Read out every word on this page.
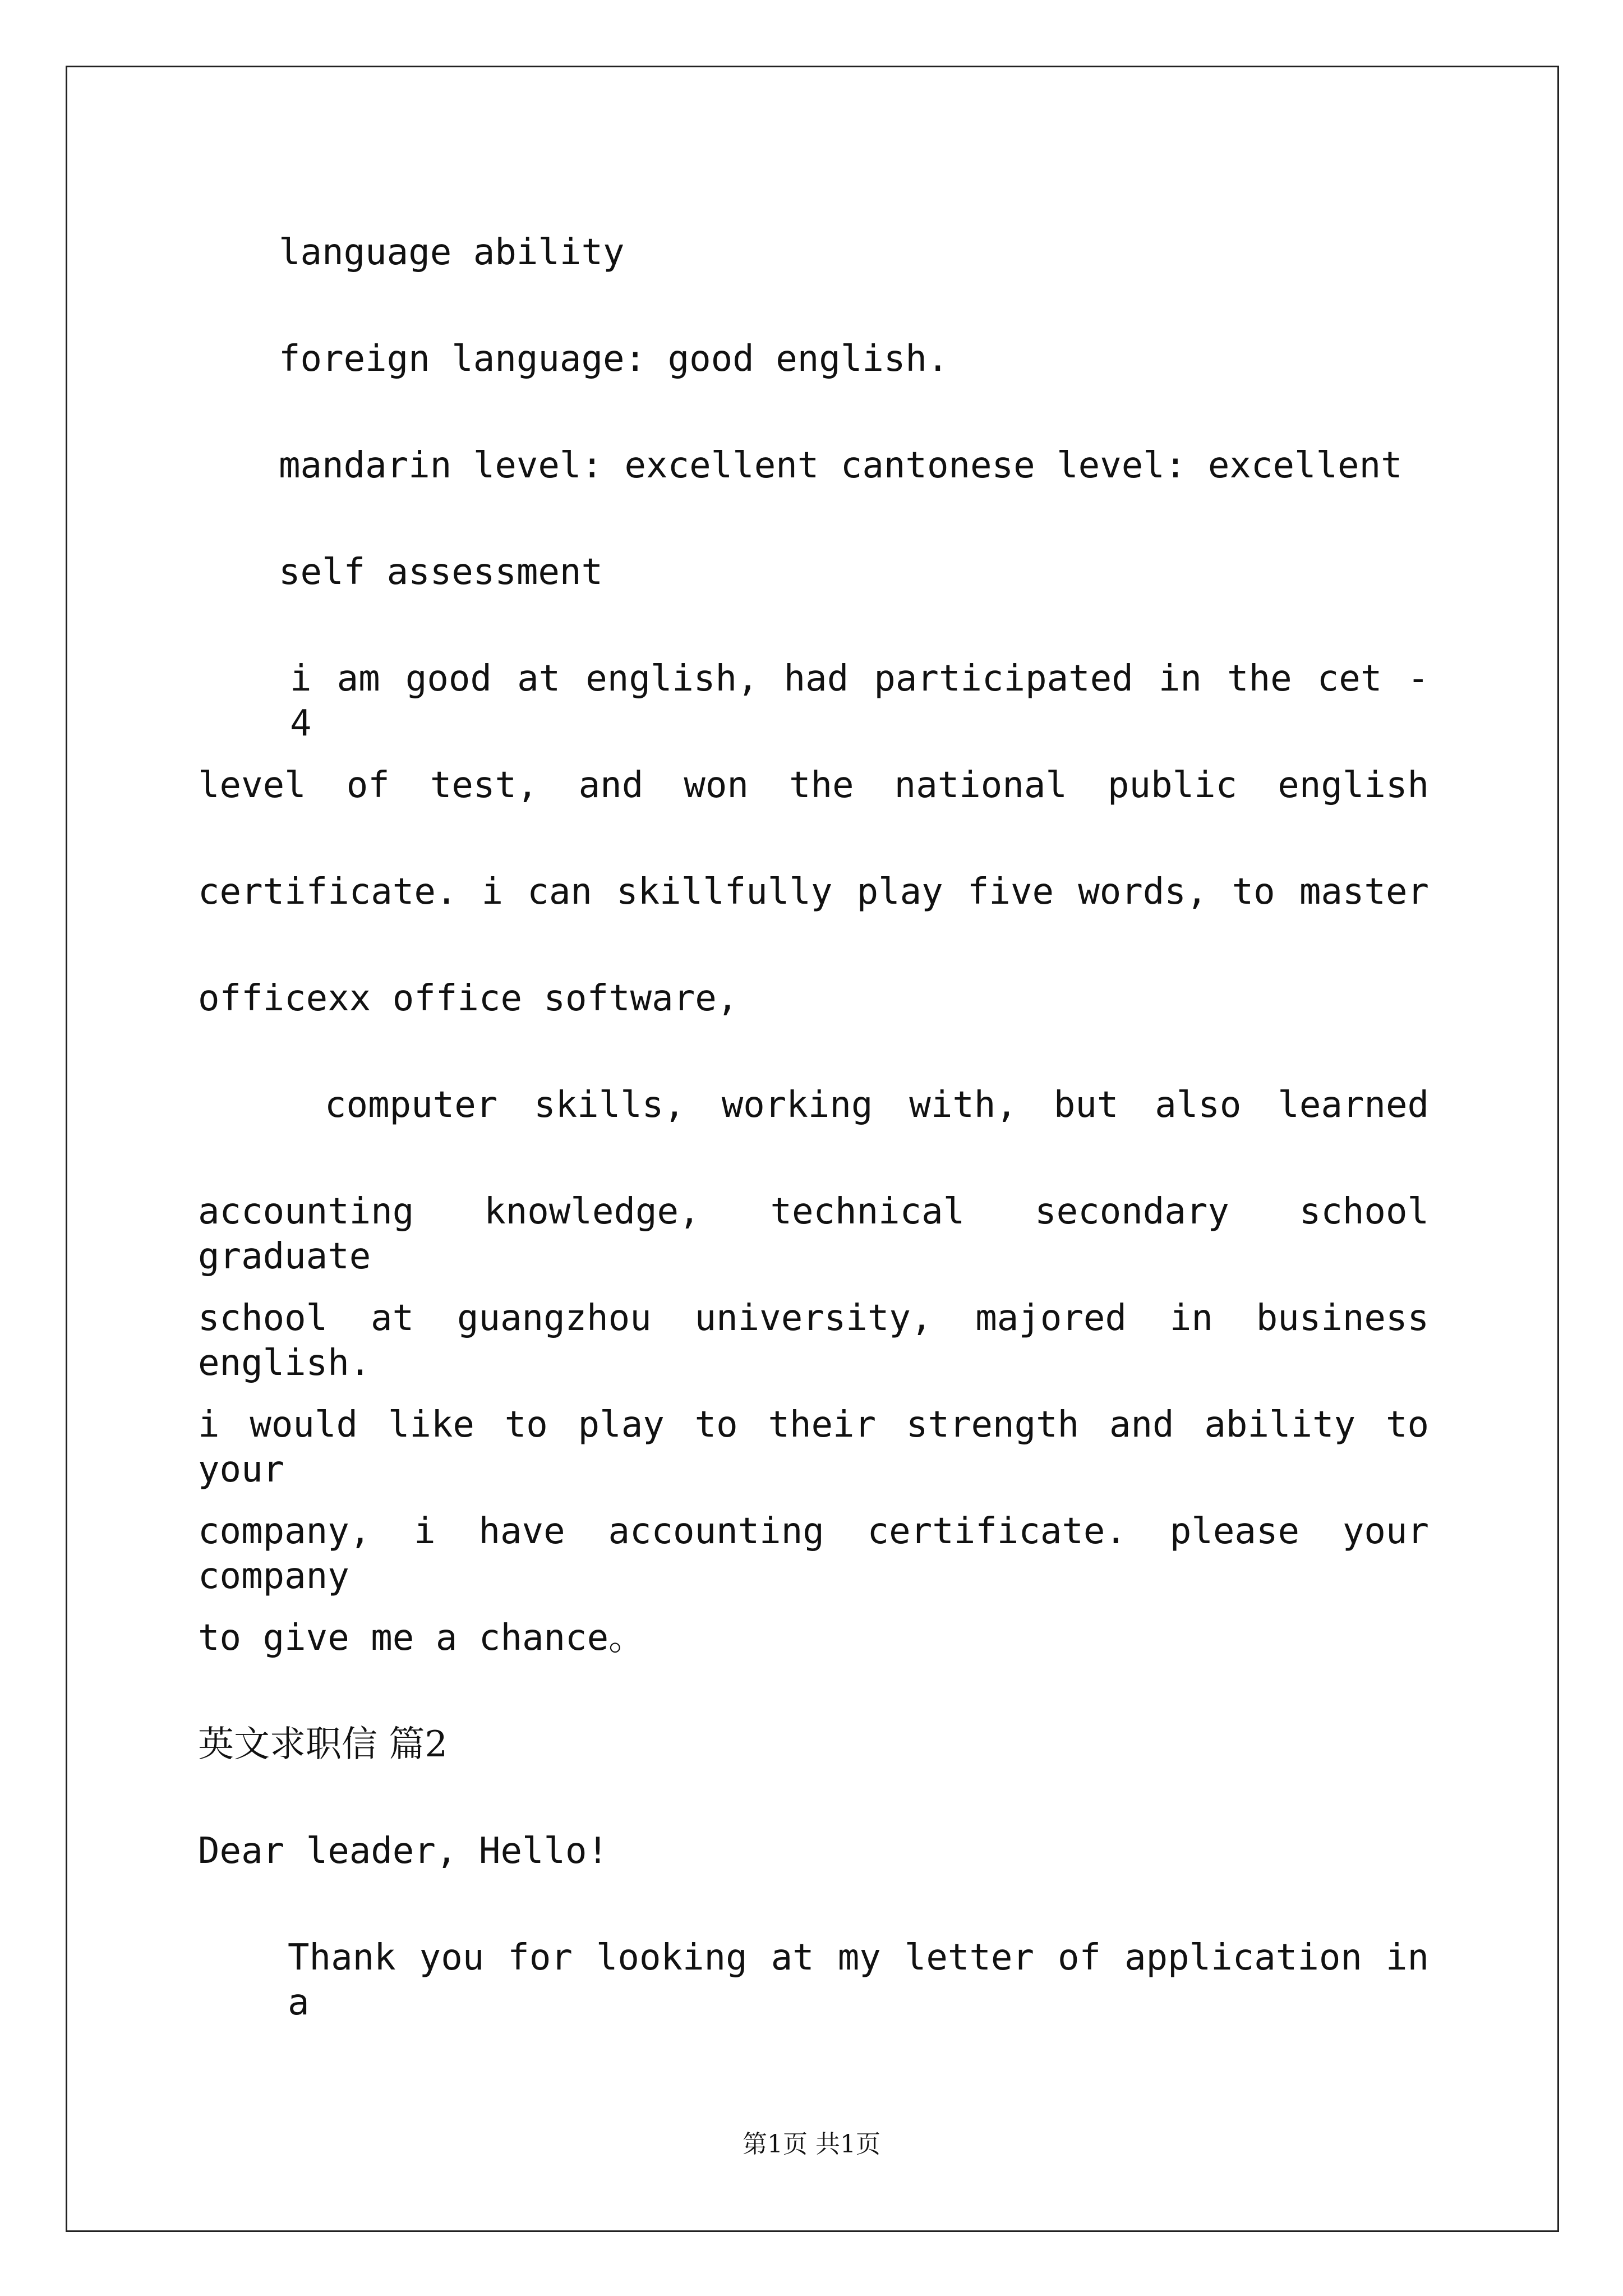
language ability

foreign language: good english.

mandarin level: excellent cantonese level: excellent

self assessment

i am good at english, had participated in the cet - 4

level of test, and won the national public english

certificate. i can skillfully play five words, to master

officexx office software,

computer skills, working with, but also learned

accounting knowledge, technical secondary school graduate

school at guangzhou university, majored in business english.

i would like to play to their strength and ability to your

company, i have accounting certificate. please your company

to give me a chance。

英文求职信 篇2

Dear leader, Hello!

Thank you for looking at my letter of application in a

第1页 共1页
